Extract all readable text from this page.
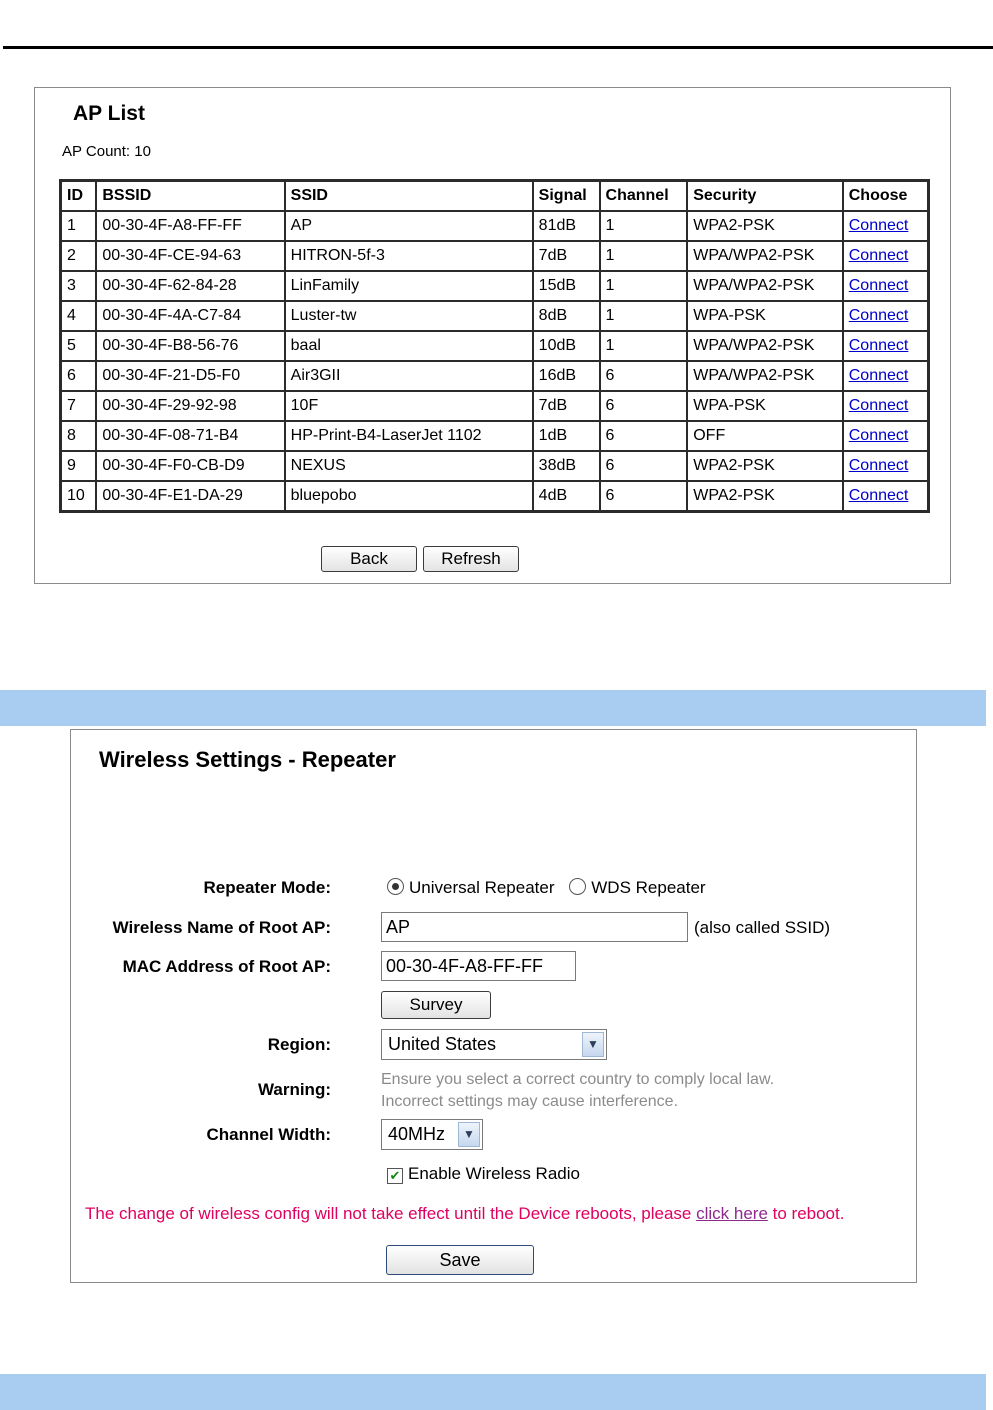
AP List
AP Count: 10
ID	BSSID	SSID	Signal	Channel	Security	Choose
1	00-30-4F-A8-FF-FF	AP	81dB	1	WPA2-PSK	Connect
2	00-30-4F-CE-94-63	HITRON-5f-3	7dB	1	WPA/WPA2-PSK	Connect
3	00-30-4F-62-84-28	LinFamily	15dB	1	WPA/WPA2-PSK	Connect
4	00-30-4F-4A-C7-84	Luster-tw	8dB	1	WPA-PSK	Connect
5	00-30-4F-B8-56-76	baal	10dB	1	WPA/WPA2-PSK	Connect
6	00-30-4F-21-D5-F0	Air3GII	16dB	6	WPA/WPA2-PSK	Connect
7	00-30-4F-29-92-98	10F	7dB	6	WPA-PSK	Connect
8	00-30-4F-08-71-B4	HP-Print-B4-LaserJet 1102	1dB	6	OFF	Connect
9	00-30-4F-F0-CB-D9	NEXUS	38dB	6	WPA2-PSK	Connect
10	00-30-4F-E1-DA-29	bluepobo	4dB	6	WPA2-PSK	Connect
Back	Refresh
Wireless Settings - Repeater
Repeater Mode:	Universal Repeater WDS Repeater
Wireless Name of Root AP:	AP	(also called SSID)
MAC Address of Root AP:	00-30-4F-A8-FF-FF
Survey
Region:	United States	▼
Warning:
Ensure you select a correct country to comply local law.
Incorrect settings may cause interference.
Channel Width:	40MHz	▼
✔ Enable Wireless Radio
The change of wireless config will not take effect until the Device reboots, please click here to reboot.
Save
